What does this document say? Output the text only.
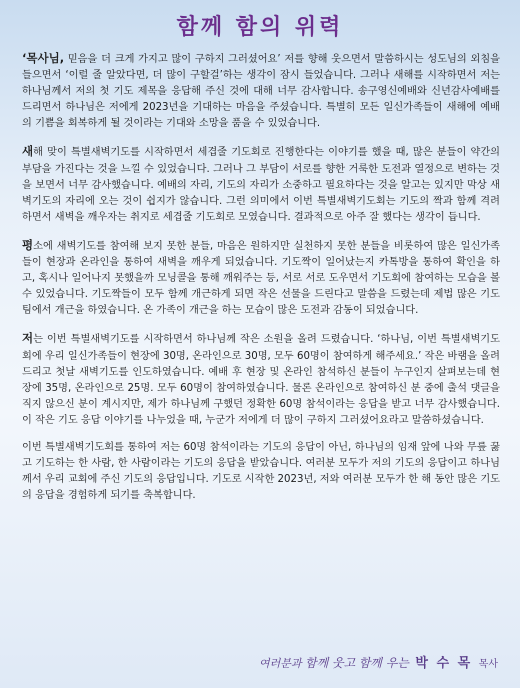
함께 함의 위력

‘목사님, 믿음을 더 크게 가지고 많이 구하지 그러셨어요’ 저를 향해 웃으면서 말씀하시는 성도님의 외침을 들으면서 ‘이럴 줄 알았다면, 더 많이 구할걸’하는 생각이 잠시 들었습니다. 그러나 새해를 시작하면서 저는 하나님께서 저의 첫 기도 제목을 응답해 주신 것에 대해 너무 감사합니다. 송구영신예배와 신년감사예배를 드리면서 하나님은 저에게 2023년을 기대하는 마음을 주셨습니다. 특별히 모든 일신가족들이 새해에 예배의 기쁨을 회복하게 될 것이라는 기대와 소망을 품을 수 있었습니다.

새해 맞이 특별새벽기도를 시작하면서 세겹줄 기도회로 진행한다는 이야기를 했을 때, 많은 분들이 약간의 부담을 가진다는 것을 느낄 수 있었습니다. 그러나 그 부담이 서로를 향한 거룩한 도전과 열정으로 변하는 것을 보면서 너무 감사했습니다. 예배의 자리, 기도의 자리가 소중하고 필요하다는 것을 알고는 있지만 막상 새벽기도의 자리에 오는 것이 쉽지가 않습니다. 그런 의미에서 이번 특별새벽기도회는 기도의 짝과 함께 격려하면서 새벽을 깨우자는 취지로 세겹줄 기도회로 모였습니다. 결과적으로 아주 잘 했다는 생각이 듭니다.

평소에 새벽기도를 참여해 보지 못한 분들, 마음은 원하지만 실천하지 못한 분들을 비롯하여 많은 일신가족들이 현장과 온라인을 통하여 새벽을 깨우게 되었습니다. 기도짝이 일어났는지 카톡방을 통하여 확인을 하고, 혹시나 일어나지 못했을까 모닝콜을 통해 깨워주는 등, 서로 서로 도우면서 기도회에 참여하는 모습을 볼 수 있었습니다. 기도짝들이 모두 함께 개근하게 되면 작은 선물을 드린다고 말씀을 드렸는데 제법 많은 기도팀에서 개근을 하였습니다. 온 가족이 개근을 하는 모습이 많은 도전과 감동이 되었습니다.

저는 이번 특별새벽기도를 시작하면서 하나님께 작은 소원을 올려 드렸습니다. ‘하나님, 이번 특별새벽기도회에 우리 일신가족들이 현장에 30명, 온라인으로 30명, 모두 60명이 참여하게 해주세요.’ 작은 바램을 올려드리고 첫날 새벽기도를 인도하였습니다. 예배 후 현장 및 온라인 참석하신 분들이 누구인지 살펴보는데 현장에 35명, 온라인으로 25명. 모두 60명이 참여하였습니다. 물론 온라인으로 참여하신 분 중에 출석 댓글을 직지 않으신 분이 계시지만, 제가 하나님께 구했던 정확한 60명 참석이라는 응답을 받고 너무 감사했습니다. 이 작은 기도 응답 이야기를 나누었을 때, 누군가 저에게 더 많이 구하지 그러셨어요라고 말씀하셨습니다.

이번 특별새벽기도회를 통하여 저는 60명 참석이라는 기도의 응답이 아닌, 하나님의 임재 앞에 나와 무릎 꿇고 기도하는 한 사람, 한 사람이라는 기도의 응답을 받았습니다. 여러분 모두가 저의 기도의 응답이고 하나님께서 우리 교회에 주신 기도의 응답입니다. 기도로 시작한 2023년, 저와 여러분 모두가 한 해 동안 많은 기도의 응답을 경험하게 되기를 축복합니다.

여러분과 함께 웃고 함께 우는 박 수 목 목사
